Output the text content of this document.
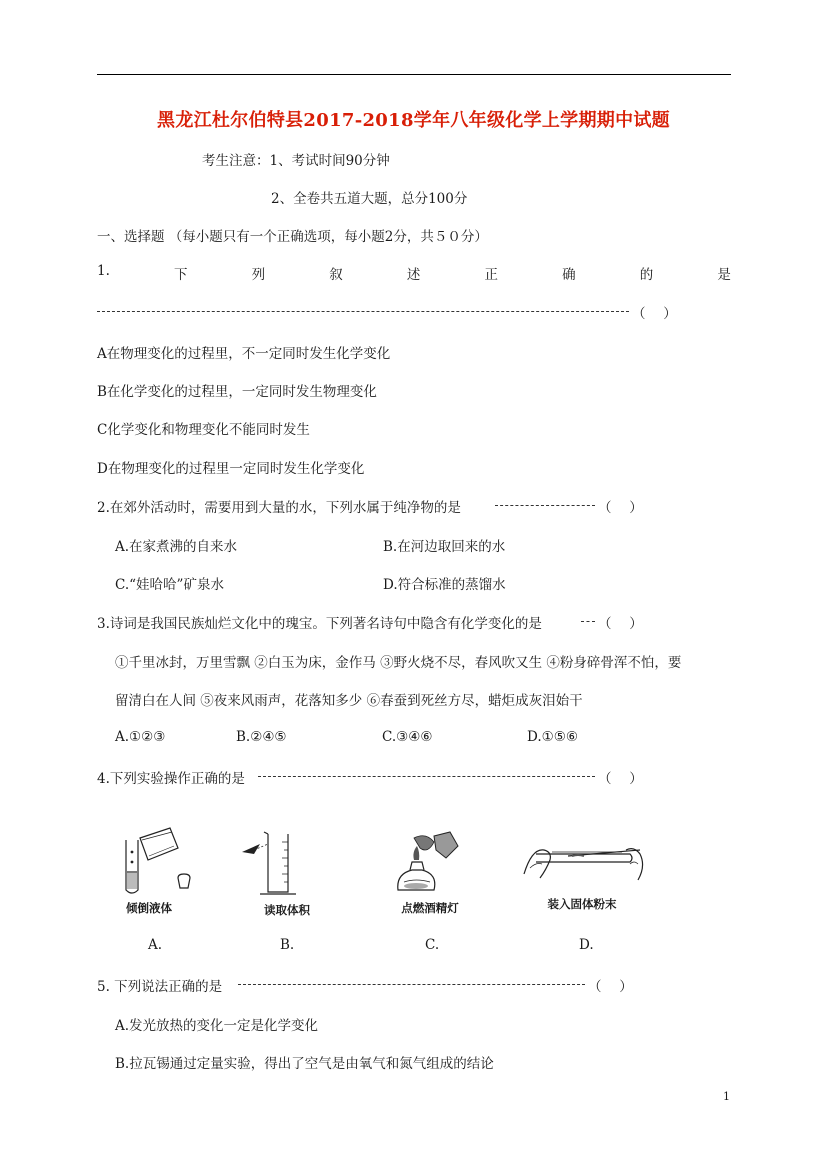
黑龙江杜尔伯特县2017-2018学年八年级化学上学期期中试题
考生注意：1、考试时间90分钟
2、全卷共五道大题，总分100分
一、选择题 （每小题只有一个正确选项，每小题2分，共５０分）
1.	下	列	叙	述	正	确	的	是
（　 ）
A在物理变化的过程里，不一定同时发生化学变化
B在化学变化的过程里，一定同时发生物理变化
C化学变化和物理变化不能同时发生
D在物理变化的过程里一定同时发生化学变化
2.在郊外活动时，需要用到大量的水，下列水属于纯净物的是	（　 ）
A.在家煮沸的自来水	B.在河边取回来的水
C.“娃哈哈”矿泉水	D.符合标准的蒸馏水
3.诗词是我国民族灿烂文化中的瑰宝。下列著名诗句中隐含有化学变化的是	（　 ）
①千里冰封，万里雪飘 ②白玉为床，金作马 ③野火烧不尽，春风吹又生 ④粉身碎骨浑不怕，要
留清白在人间 ⑤夜来风雨声，花落知多少 ⑥春蚕到死丝方尽，蜡炬成灰泪始干
A.①②③	B.②④⑤	C.③④⑥	D.①⑤⑥
4.下列实验操作正确的是	（　 ）
倾倒液体	读取体积	点燃酒精灯	装入固体粉末
A.	B.	C.	D.
5. 下列说法正确的是	（　 ）
A.发光放热的变化一定是化学变化
B.拉瓦锡通过定量实验，得出了空气是由氧气和氮气组成的结论
1
